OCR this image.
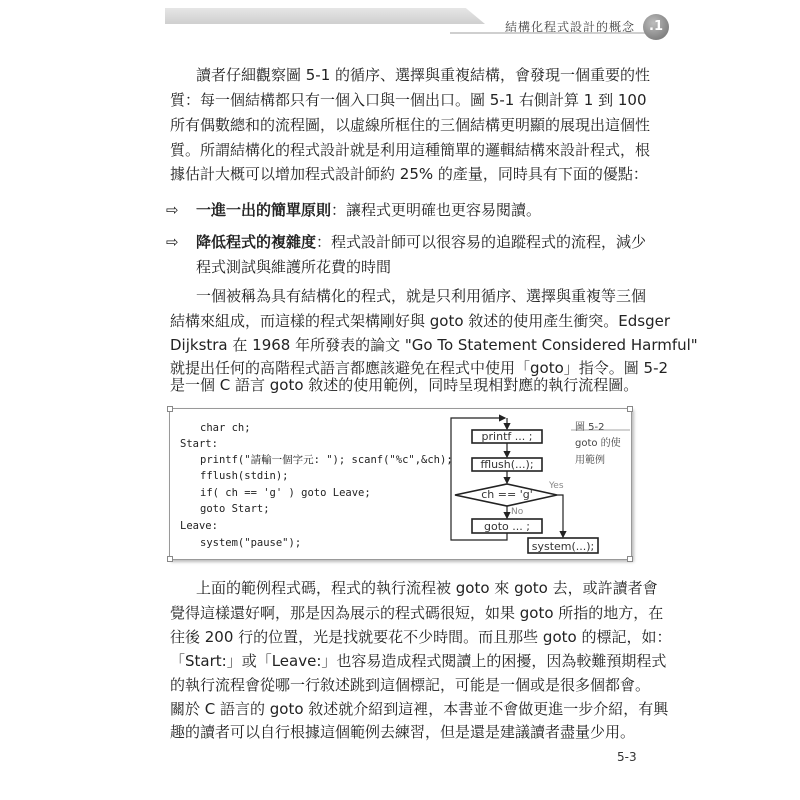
結構化程式設計的概念	.1
讀者仔細觀察圖 5-1 的循序、選擇與重複結構，會發現一個重要的性
質：每一個結構都只有一個入口與一個出口。圖 5-1 右側計算 1 到 100
所有偶數總和的流程圖，以虛線所框住的三個結構更明顯的展現出這個性
質。所謂結構化的程式設計就是利用這種簡單的邏輯結構來設計程式，根
據估計大概可以增加程式設計師約 25% 的產量，同時具有下面的優點：
⇨ 一進一出的簡單原則：讓程式更明確也更容易閱讀。
⇨ 降低程式的複雜度：程式設計師可以很容易的追蹤程式的流程，減少
程式測試與維護所花費的時間
一個被稱為具有結構化的程式，就是只利用循序、選擇與重複等三個
結構來組成，而這樣的程式架構剛好與 goto 敘述的使用產生衝突。Edsger
Dijkstra 在 1968 年所發表的論文 "Go To Statement Considered Harmful"
就提出任何的高階程式語言都應該避免在程式中使用「goto」指令。圖 5-2
是一個 C 語言 goto 敘述的使用範例，同時呈現相對應的執行流程圖。
char ch;
Start:
printf("請輸一個字元: "); scanf("%c",&ch);
fflush(stdin);
if( ch == 'g' ) goto Leave;
goto Start;
Leave:
system("pause");
printf ... ;
fflush(...);
ch == 'g'
Yes
No
goto ... ;
system(...);
圖 5-2
goto 的使
用範例
上面的範例程式碼，程式的執行流程被 goto 來 goto 去，或許讀者會
覺得這樣還好啊，那是因為展示的程式碼很短，如果 goto 所指的地方，在
往後 200 行的位置，光是找就要花不少時間。而且那些 goto 的標記，如：
「Start:」或「Leave:」也容易造成程式閱讀上的困擾，因為較難預期程式
的執行流程會從哪一行敘述跳到這個標記，可能是一個或是很多個都會。
關於 C 語言的 goto 敘述就介紹到這裡，本書並不會做更進一步介紹，有興
趣的讀者可以自行根據這個範例去練習，但是還是建議讀者盡量少用。
5-3
